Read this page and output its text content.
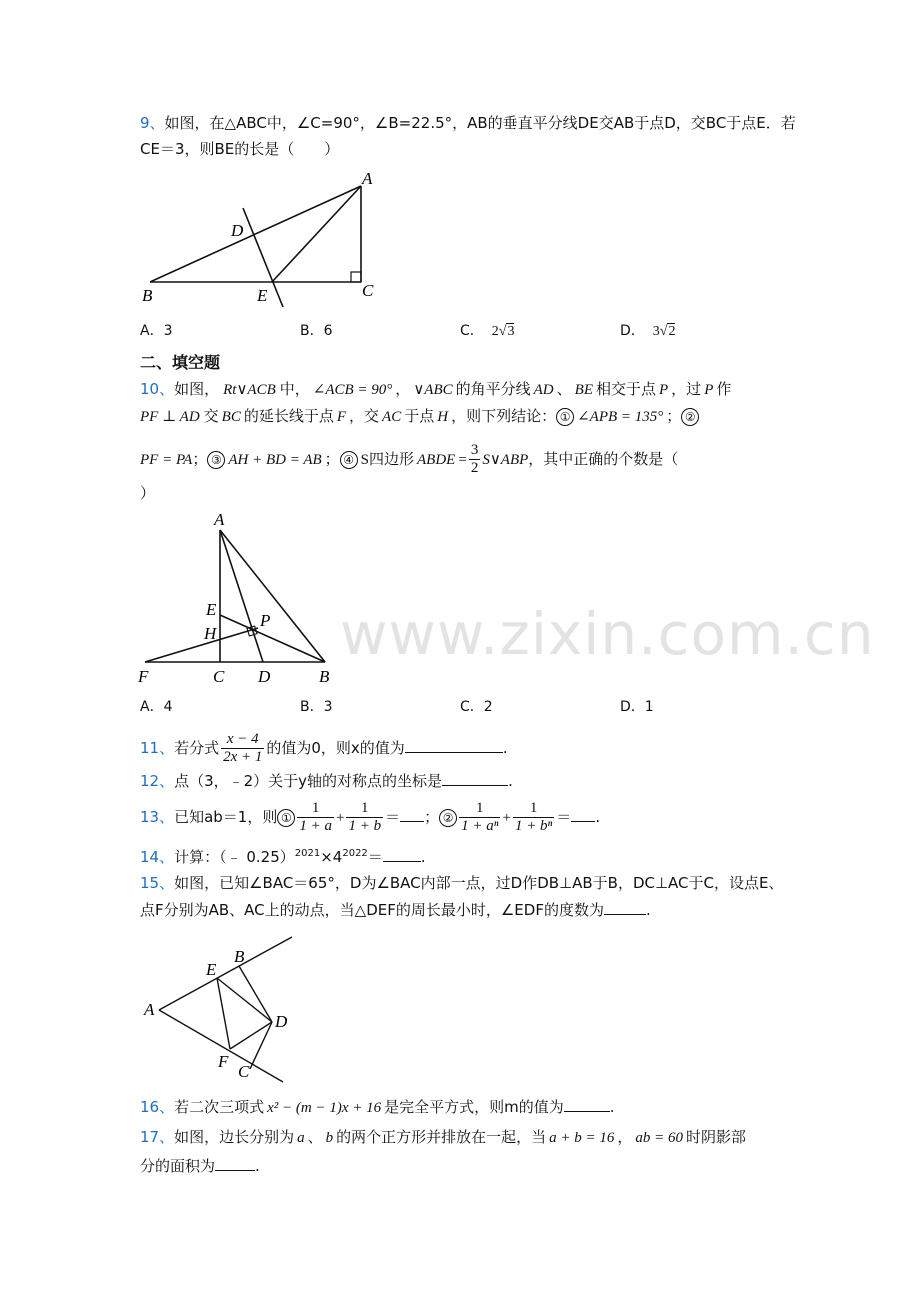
9、如图，在△ABC中，∠C=90°，∠B=22.5°，AB的垂直平分线DE交AB于点D，交BC于点E．若
CE＝3，则BE的长是（　　）
A
B	C
D
E
A．3	B．6	C． 2√3	D． 3√2
二、填空题
10、如图， Rt∨ACB 中， ∠ACB = 90° ， ∨ABC 的角平分线 AD 、 BE 相交于点 P ，过 P 作
PF ⊥ AD 交 BC 的延长线于点 F ，交 AC 于点 H ，则下列结论： ① ∠APB = 135° ； ②
PF = PA； ③ AH + BD = AB ； ④ S四边形 ABDE = $\frac{3}{2}$ S∨ABP，其中正确的个数是（
）
A
E
H
P
F	C D	B
www.zixin.com.cn
A．4	B．3	C．2	D．1
11、若分式 $\frac{x - 4}{2x + 1}$ 的值为0，则x的值为	.
12、点（3，﹣2）关于y轴的对称点的坐标是	.
13、已知ab＝1，则 ① $\frac{1}{1 + a} + \frac{1}{1 + b}$ ＝ ； ② $\frac{1}{\text{1 + aⁿ}} + \frac{1}{\text{1 + bⁿ}}$ ＝ .
14、计算：（﹣ $0.25)^{2021}\times 4^{2022}=$	.
15、如图，已知∠BAC＝65°，D为∠BAC内部一点，过D作DB⊥AB于B，DC⊥AC于C，设点E、
点F分别为AB、AC上的动点，当△DEF的周长最小时，∠EDF的度数为	.
A
B
E
D
F
C
16、若二次三项式 x² − (m − 1)x + 16 是完全平方式，则m的值为	.
17、如图，边长分别为 a 、 b 的两个正方形并排放在一起，当 a + b = 16 ， ab = 60 时阴影部
分的面积为	.
